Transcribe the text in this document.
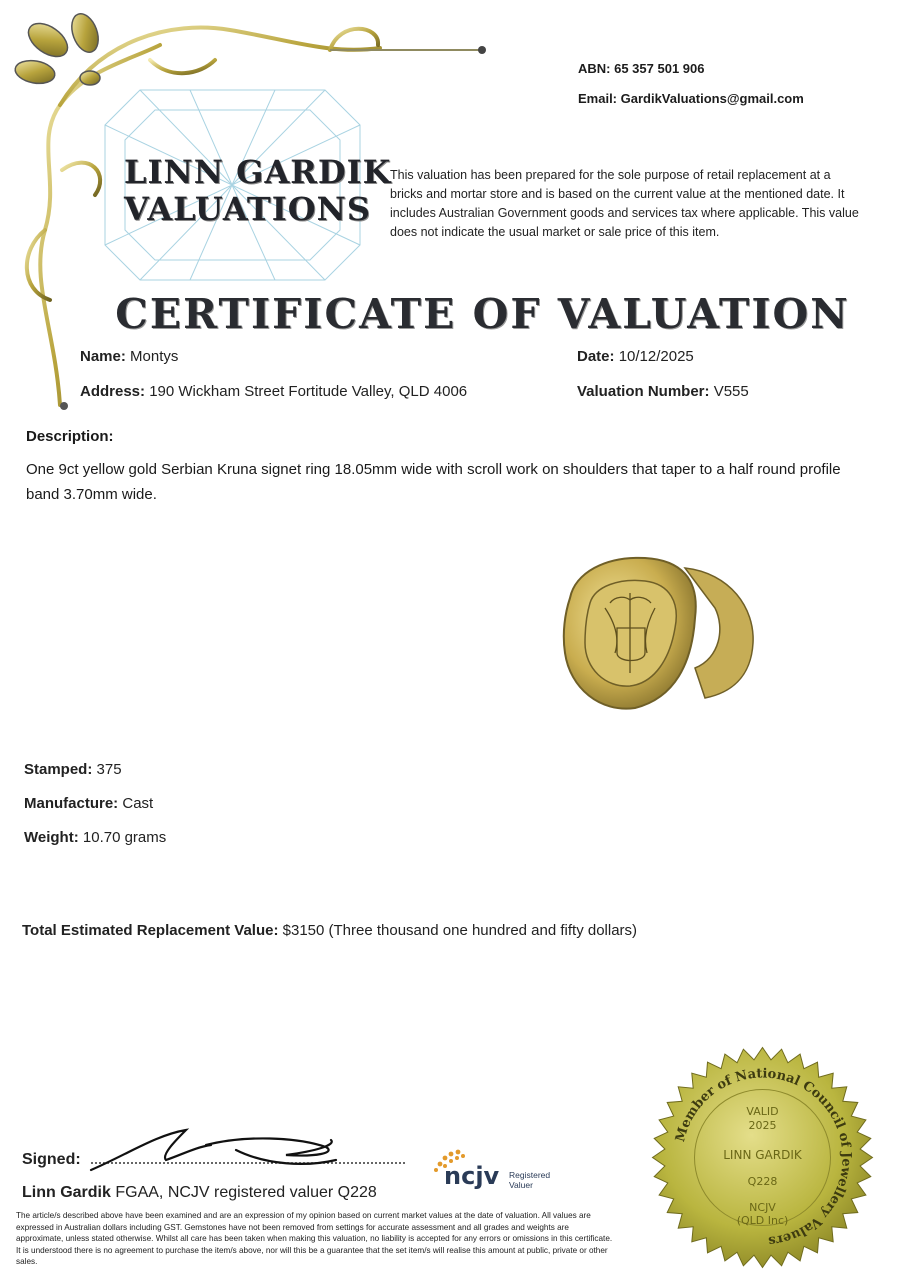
LINN GARDIK
VALUATIONS
ABN: 65 357 501 906
Email: GardikValuations@gmail.com
This valuation has been prepared for the sole purpose of retail replacement at a bricks and mortar store and is based on the current value at the mentioned date. It includes Australian Government goods and services tax where applicable. This value does not indicate the usual market or sale price of this item.
CERTIFICATE OF VALUATION
Name: Montys
Address: 190 Wickham Street Fortitude Valley, QLD 4006
Date: 10/12/2025
Valuation Number: V555
Description:
One 9ct yellow gold Serbian Kruna signet ring 18.05mm wide with scroll work on shoulders that taper to a half round profile band 3.70mm wide.
Stamped: 375
Manufacture: Cast
Weight: 10.70 grams
Total Estimated Replacement Value: $3150 (Three thousand one hundred and fifty dollars)
Signed:
Linn Gardik FGAA, NCJV registered valuer Q228
The article/s described above have been examined and are an expression of my opinion based on current market values at the date of valuation. All values are expressed in Australian dollars including GST. Gemstones have not been removed from settings for accurate assessment and all grades and weights are approximate, unless stated otherwise. Whilst all care has been taken when making this valuation, no liability is accepted for any errors or omissions in this certificate. It is understood there is no agreement to purchase the item/s above, nor will this be a guarantee that the set item/s will realise this amount at public, private or other sales.
ncjv Registered
Valuer
Member of National Council of Jewellery Valuers
VALID
2025
LINN GARDIK
Q228
NCJV
(QLD Inc)
